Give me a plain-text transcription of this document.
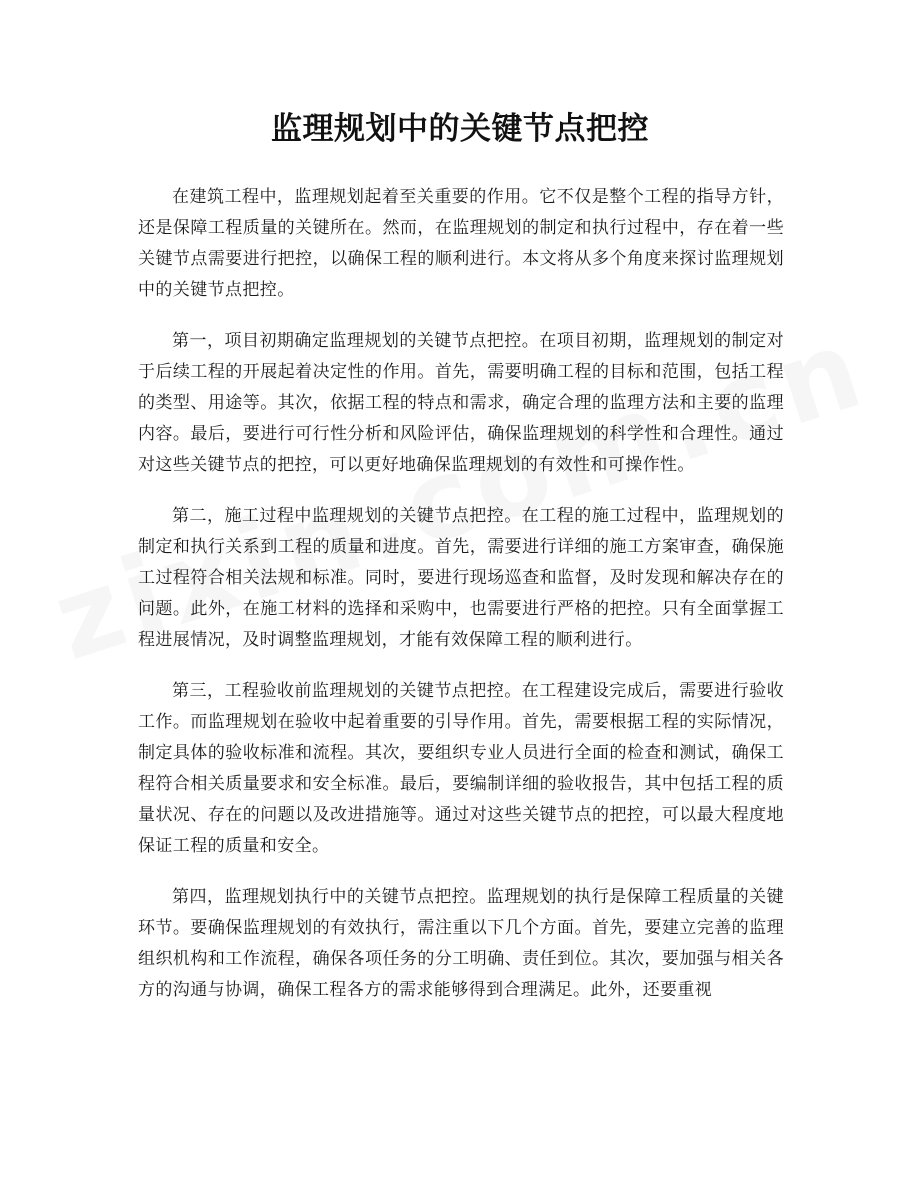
监理规划中的关键节点把控

在建筑工程中，监理规划起着至关重要的作用。它不仅是整个工程的指导方针，还是保障工程质量的关键所在。然而，在监理规划的制定和执行过程中，存在着一些关键节点需要进行把控，以确保工程的顺利进行。本文将从多个角度来探讨监理规划中的关键节点把控。

第一，项目初期确定监理规划的关键节点把控。在项目初期，监理规划的制定对于后续工程的开展起着决定性的作用。首先，需要明确工程的目标和范围，包括工程的类型、用途等。其次，依据工程的特点和需求，确定合理的监理方法和主要的监理内容。最后，要进行可行性分析和风险评估，确保监理规划的科学性和合理性。通过对这些关键节点的把控，可以更好地确保监理规划的有效性和可操作性。

第二，施工过程中监理规划的关键节点把控。在工程的施工过程中，监理规划的制定和执行关系到工程的质量和进度。首先，需要进行详细的施工方案审查，确保施工过程符合相关法规和标准。同时，要进行现场巡查和监督，及时发现和解决存在的问题。此外，在施工材料的选择和采购中，也需要进行严格的把控。只有全面掌握工程进展情况，及时调整监理规划，才能有效保障工程的顺利进行。

第三，工程验收前监理规划的关键节点把控。在工程建设完成后，需要进行验收工作。而监理规划在验收中起着重要的引导作用。首先，需要根据工程的实际情况，制定具体的验收标准和流程。其次，要组织专业人员进行全面的检查和测试，确保工程符合相关质量要求和安全标准。最后，要编制详细的验收报告，其中包括工程的质量状况、存在的问题以及改进措施等。通过对这些关键节点的把控，可以最大程度地保证工程的质量和安全。

第四，监理规划执行中的关键节点把控。监理规划的执行是保障工程质量的关键环节。要确保监理规划的有效执行，需注重以下几个方面。首先，要建立完善的监理组织机构和工作流程，确保各项任务的分工明确、责任到位。其次，要加强与相关各方的沟通与协调，确保工程各方的需求能够得到合理满足。此外，还要重视
